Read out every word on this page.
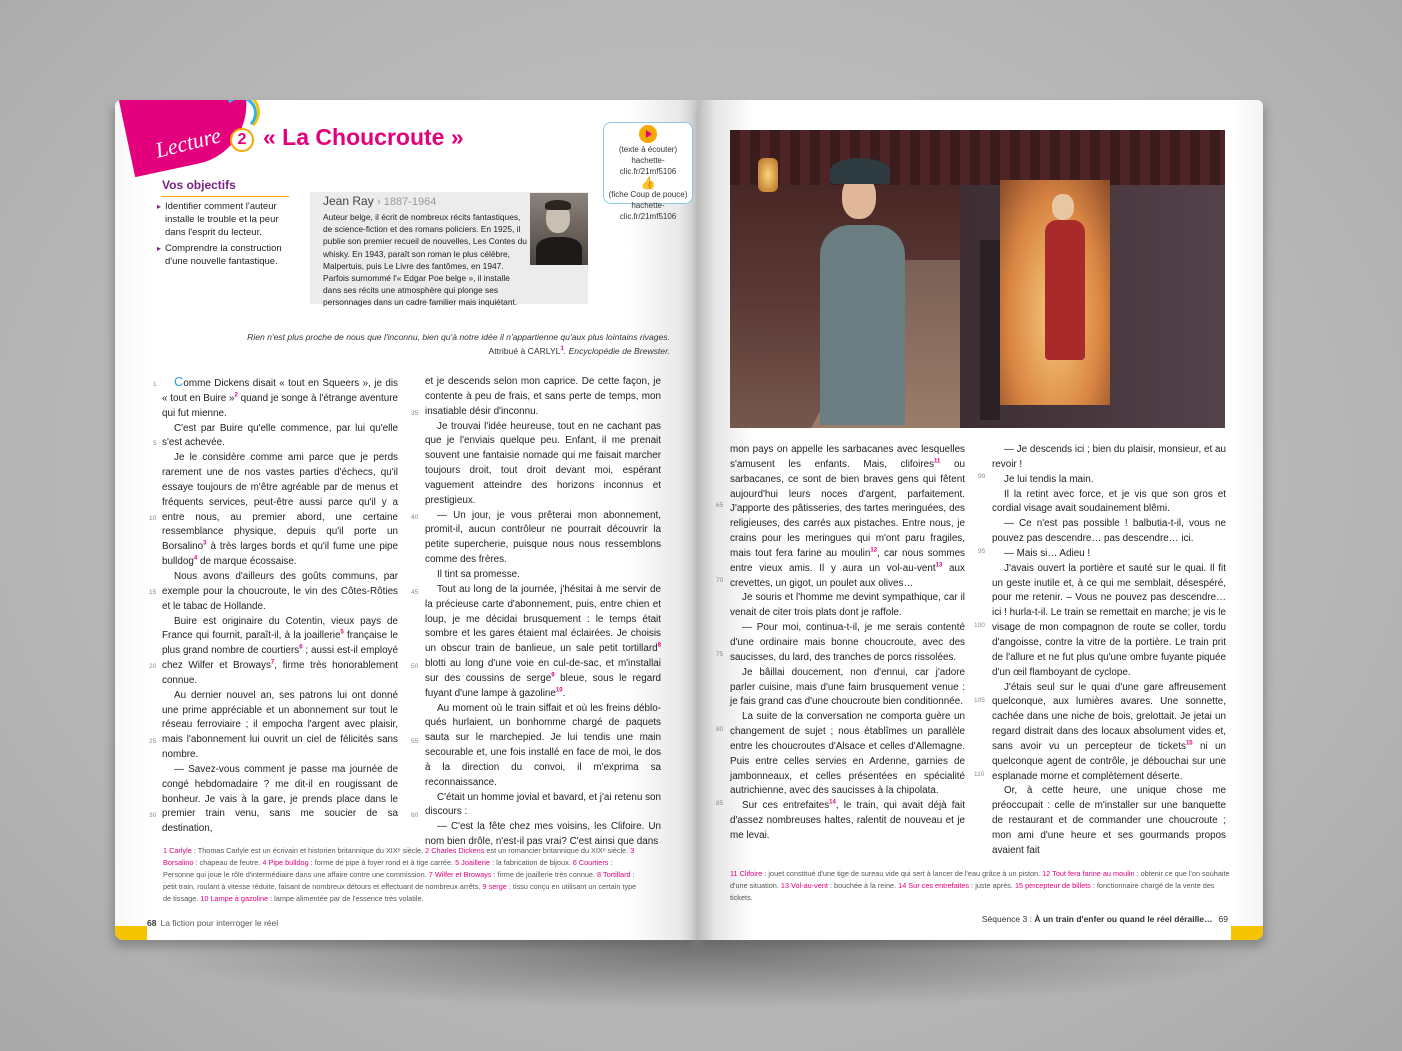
Lecture 2 « La Choucroute »	(texte à écouter)
hachette-clic.fr/21mf5106
👍
(fiche Coup de pouce)
hachette-clic.fr/21mf5106
Vos objectifs
▸ Identifier comment l'auteur installe le trouble et la peur dans l'esprit du lecteur.
▸ Comprendre la construction d'une nouvelle fantastique.
Jean Ray › 1887-1964
Auteur belge, il écrit de nombreux récits fantastiques, de science-fiction et des romans policiers. En 1925, il publie son premier recueil de nouvelles, Les Contes du whisky. En 1943, paraît son roman le plus célèbre, Malpertuis, puis Le Livre des fantômes, en 1947. Parfois surnommé l'« Edgar Poe belge », il installe dans ses récits une atmosphère qui plonge ses personnages dans un cadre familier mais inquiétant.
Rien n'est plus proche de nous que l'inconnu, bien qu'à notre idée il n'appartienne qu'aux plus lointains rivages.
Attribué à CARLYL$^1$. Encyclopédie de Brewster.
1
5
10
15
20
25
30

Comme Dickens disait « tout en Squeers », je dis « tout en Buire »$^2$ quand je songe à l'étrange aventure qui fut mienne.

C'est par Buire qu'elle commence, par lui qu'elle s'est achevée.

Je le considère comme ami parce que je perds rarement une de nos vastes parties d'échecs, qu'il essaye toujours de m'être agréable par de menus et fréquents services, peut-être aussi parce qu'il y a entre nous, au premier abord, une certaine ressemblance physique, depuis qu'il porte un Borsalino$^3$ à très larges bords et qu'il fume une pipe bulldog$^4$ de marque écossaise.

Nous avons d'ailleurs des goûts communs, par exemple pour la choucroute, le vin des Côtes-Rôties et le tabac de Hollande.

Buire est originaire du Cotentin, vieux pays de France qui fournit, paraît-il, à la joaillerie$^5$ française le plus grand nombre de courtiers$^6$ ; aussi est-il employé chez Wilfer et Broways$^7$, firme très honorablement connue.

Au dernier nouvel an, ses patrons lui ont donné une prime appréciable et un abonnement sur tout le réseau ferroviaire ; il empocha l'argent avec plaisir, mais l'abonnement lui ouvrit un ciel de félicités sans nombre.

— Savez-vous comment je passe ma journée de congé hebdomadaire ? me dit-il en rougissant de bonheur. Je vais à la gare, je prends place dans le premier train venu, sans me soucier de sa destination,

35
40
45
50
55
60

et je descends selon mon caprice. De cette façon, je contente à peu de frais, et sans perte de temps, mon insatiable désir d'inconnu.

Je trouvai l'idée heureuse, tout en ne cachant pas que je l'enviais quelque peu. Enfant, il me prenait souvent une fantaisie nomade qui me faisait marcher toujours droit, tout droit devant moi, espérant vaguement atteindre des horizons inconnus et prestigieux.

— Un jour, je vous prêterai mon abonnement, promit-il, aucun contrôleur ne pourrait découvrir la petite supercherie, puisque nous nous ressemblons comme des frères.

Il tint sa promesse.

Tout au long de la journée, j'hésitai à me servir de la précieuse carte d'abonnement, puis, entre chien et loup, je me décidai brusquement : le temps était sombre et les gares étaient mal éclairées. Je choisis un obscur train de banlieue, un sale petit tortillard$^8$ blotti au long d'une voie en cul-de-sac, et m'installai sur des coussins de serge$^9$ bleue, sous le regard fuyant d'une lampe à gazoline$^{10}$.

Au moment où le train siffait et où les freins débloqués hurlaient, un bonhomme chargé de paquets sauta sur le marchepied. Je lui tendis une main secourable et, une fois installé en face de moi, le dos à la direction du convoi, il m'exprima sa reconnaissance.

C'était un homme jovial et bavard, et j'ai retenu son discours :

— C'est la fête chez mes voisins, les Clifoire. Un nom bien drôle, n'est-il pas vrai? C'est ainsi que dans

1 Carlyle : Thomas Carlyle est un écrivain et historien britannique du XIXᵉ siècle. 2 Charles Dickens est un romancier britannique du XIXᵉ siècle. 3 Borsalino : chapeau de feutre. 4 Pipe bulldog : forme de pipe à foyer rond et à tige carrée. 5 Joaillerie : la fabrication de bijoux. 6 Courtiers : Personne qui joue le rôle d'intermédiaire dans une affaire contre une commission. 7 Wilfer et Broways : firme de joaillerie très connue. 8 Tortillard : petit train, roulant à vitesse réduite, faisant de nombreux détours et effectuant de nombreux arrêts. 9 serge : tissu conçu en utilisant un certain type de tissage. 10 Lampe à gazoline : lampe alimentée par de l'essence très volatile.
68 La fiction pour interroger le réel
65
70
75
80
85

mon pays on appelle les sarbacanes avec lesquelles s'amusent les enfants. Mais, clifoires$^{11}$ ou sarbacanes, ce sont de bien braves gens qui fêtent aujourd'hui leurs noces d'argent, parfaitement. J'apporte des pâtisseries, des tartes meringuées, des religieuses, des carrés aux pistaches. Entre nous, je crains pour les meringues qui m'ont paru fragiles, mais tout fera farine au moulin$^{12}$, car nous sommes entre vieux amis. Il y aura un vol-au-vent$^{13}$ aux crevettes, un gigot, un poulet aux olives…

Je souris et l'homme me devint sympathique, car il venait de citer trois plats dont je raffole.

— Pour moi, continua-t-il, je me serais contenté d'une ordinaire mais bonne choucroute, avec des saucisses, du lard, des tranches de porcs rissolées.

Je bâillai doucement, non d'ennui, car j'adore parler cuisine, mais d'une faim brusquement venue : je fais grand cas d'une choucroute bien conditionnée.

La suite de la conversation ne comporta guère un changement de sujet ; nous établîmes un parallèle entre les choucroutes d'Alsace et celles d'Allemagne. Puis entre celles servies en Ardenne, garnies de jambonneaux, et celles présentées en spécialité autrichienne, avec des saucisses à la chipolata.

Sur ces entrefaites$^{14}$, le train, qui avait déjà fait d'assez nombreuses haltes, ralentit de nouveau et je me levai.

90
95
100
105
110

— Je descends ici ; bien du plaisir, monsieur, et au revoir !

Je lui tendis la main.

Il la retint avec force, et je vis que son gros et cordial visage avait soudainement blêmi.

— Ce n'est pas possible ! balbutia-t-il, vous ne pouvez pas descendre… pas descendre… ici.

— Mais si… Adieu !

J'avais ouvert la portière et sauté sur le quai. Il fit un geste inutile et, à ce qui me semblait, désespéré, pour me retenir. – Vous ne pouvez pas descendre… ici ! hurla-t-il. Le train se remettait en marche; je vis le visage de mon compagnon de route se coller, tordu d'angoisse, contre la vitre de la portière. Le train prit de l'allure et ne fut plus qu'une ombre fuyante piquée d'un œil flamboyant de cyclope.

J'étais seul sur le quai d'une gare affreusement quelconque, aux lumières avares. Une sonnette, cachée dans une niche de bois, grelottait. Je jetai un regard distrait dans des locaux absolument vides et, sans avoir vu un percepteur de tickets$^{15}$ ni un quelconque agent de contrôle, je débouchai sur une esplanade morne et complètement déserte.

Or, à cette heure, une unique chose me préoccupait : celle de m'installer sur une banquette de restaurant et de commander une choucroute ; mon ami d'une heure et ses gourmands propos avaient fait

11 Clifoire : jouet constitué d'une tige de sureau vide qui sert à lancer de l'eau grâce à un piston. 12 Tout fera farine au moulin : obtenir ce que l'on souhaite d'une situation. 13 Vol-au-vent : bouchée à la reine. 14 Sur ces entrefaites : juste après. 15 percepteur de billets : fonctionnaire chargé de la vente des tickets.
Séquence 3 : À un train d'enfer ou quand le réel déraille… 69
